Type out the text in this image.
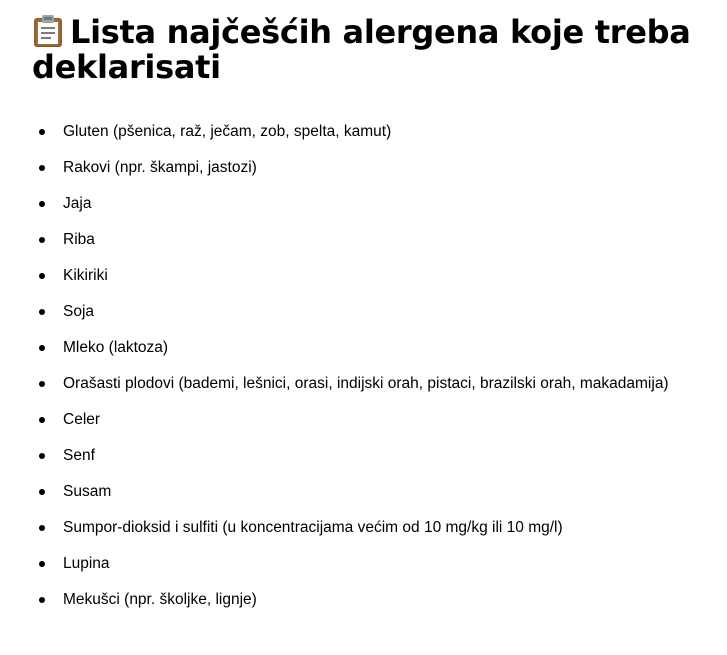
Lista najčešćih alergena koje treba deklarisati
Gluten (pšenica, raž, ječam, zob, spelta, kamut)
Rakovi (npr. škampi, jastozi)
Jaja
Riba
Kikiriki
Soja
Mleko (laktoza)
Orašasti plodovi (bademi, lešnici, orasi, indijski orah, pistaci, brazilski orah, makadamija)
Celer
Senf
Susam
Sumpor-dioksid i sulfiti (u koncentracijama većim od 10 mg/kg ili 10 mg/l)
Lupina
Mekušci (npr. školjke, lignje)
